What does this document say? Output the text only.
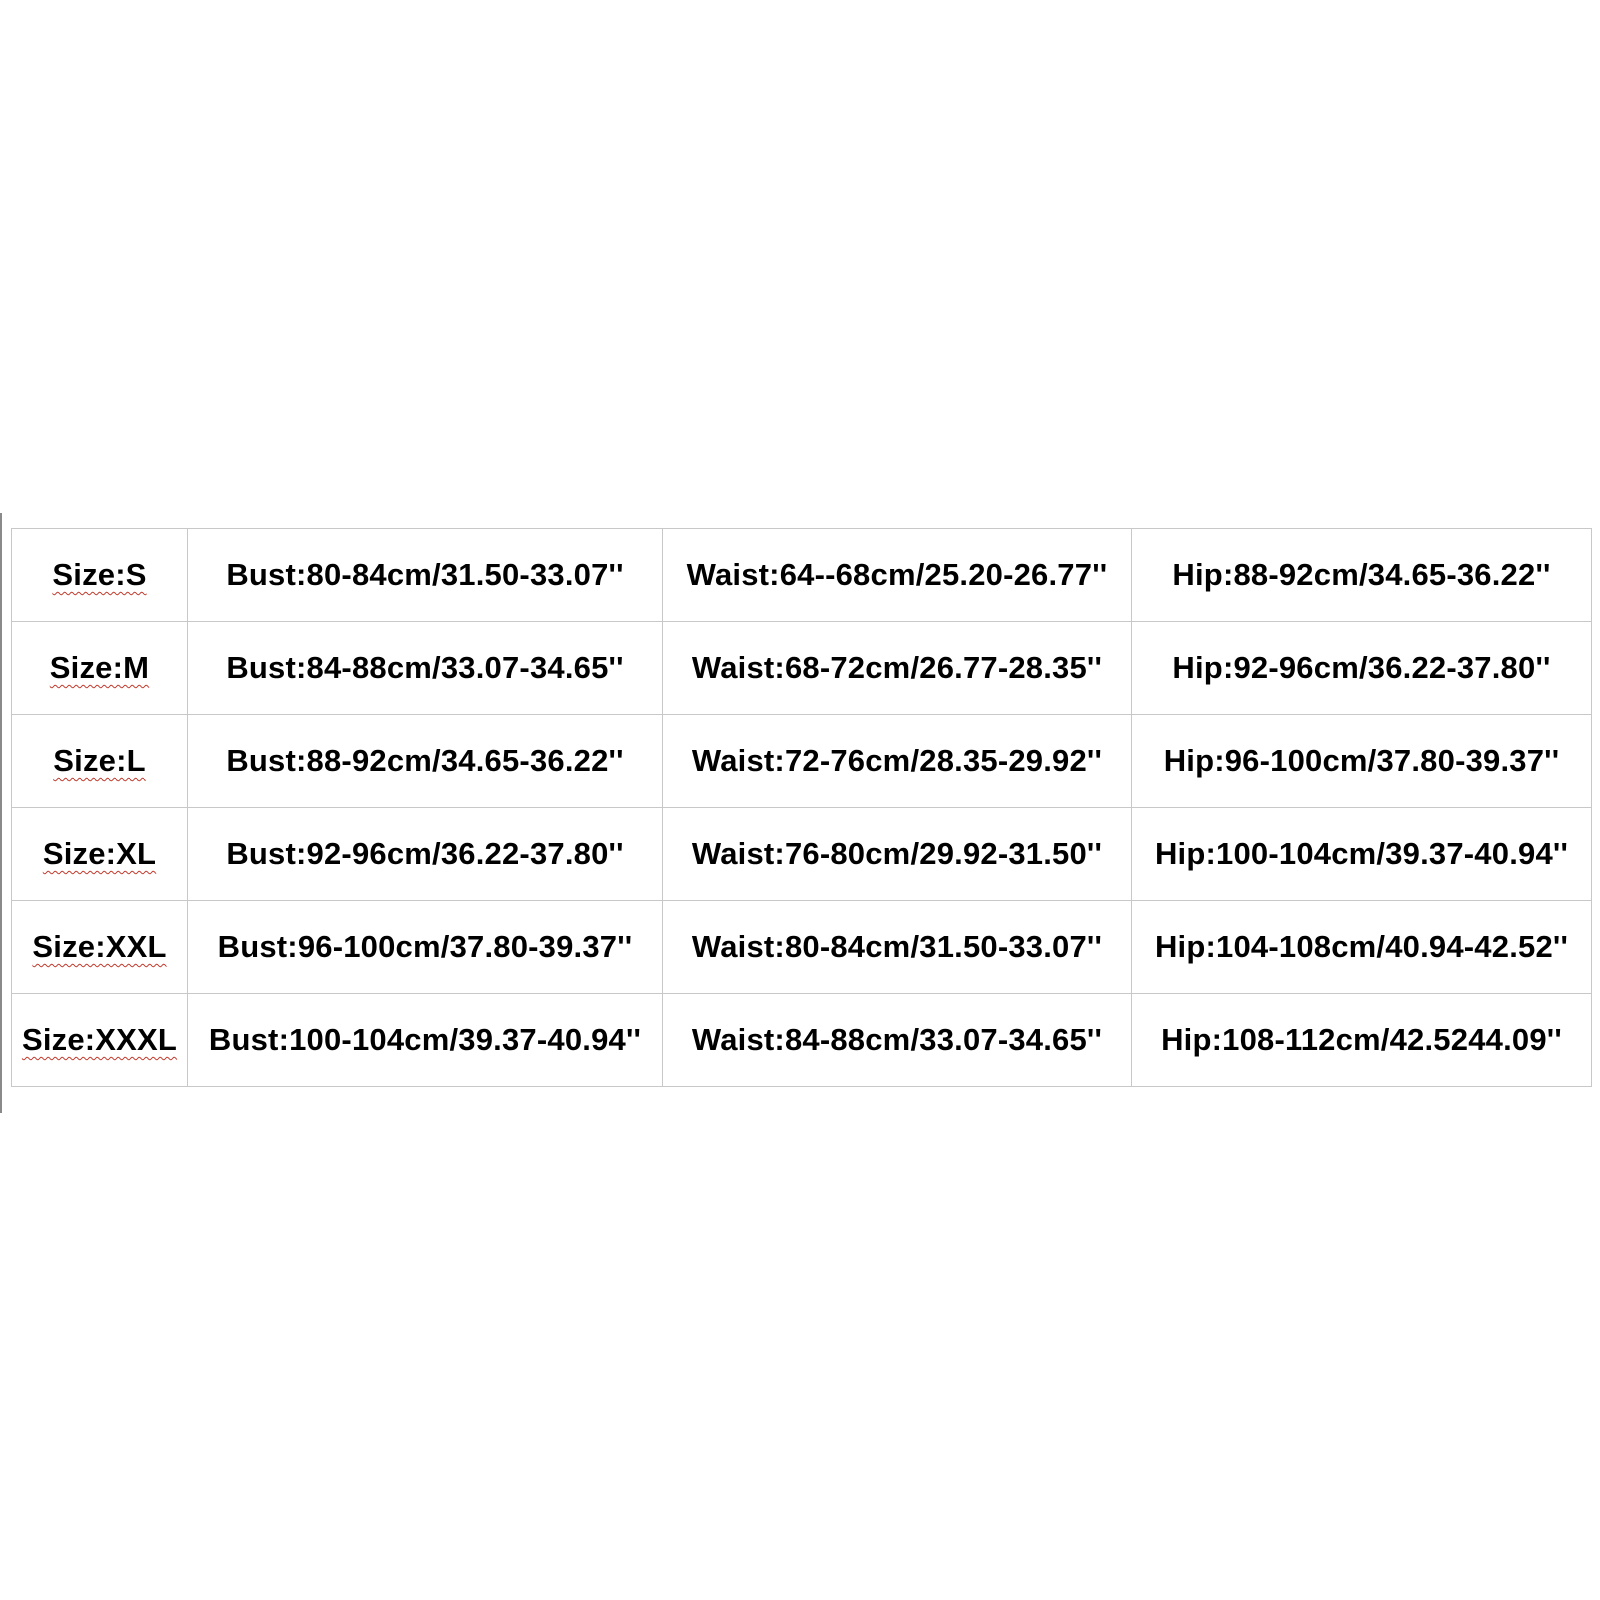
Size:S	Bust:80-84cm/31.50-33.07''	Waist:64--68cm/25.20-26.77''	Hip:88-92cm/34.65-36.22''
Size:M	Bust:84-88cm/33.07-34.65''	Waist:68-72cm/26.77-28.35''	Hip:92-96cm/36.22-37.80''
Size:L	Bust:88-92cm/34.65-36.22''	Waist:72-76cm/28.35-29.92''	Hip:96-100cm/37.80-39.37''
Size:XL	Bust:92-96cm/36.22-37.80''	Waist:76-80cm/29.92-31.50''	Hip:100-104cm/39.37-40.94''
Size:XXL	Bust:96-100cm/37.80-39.37''	Waist:80-84cm/31.50-33.07''	Hip:104-108cm/40.94-42.52''
Size:XXXL	Bust:100-104cm/39.37-40.94''	Waist:84-88cm/33.07-34.65''	Hip:108-112cm/42.5244.09''
